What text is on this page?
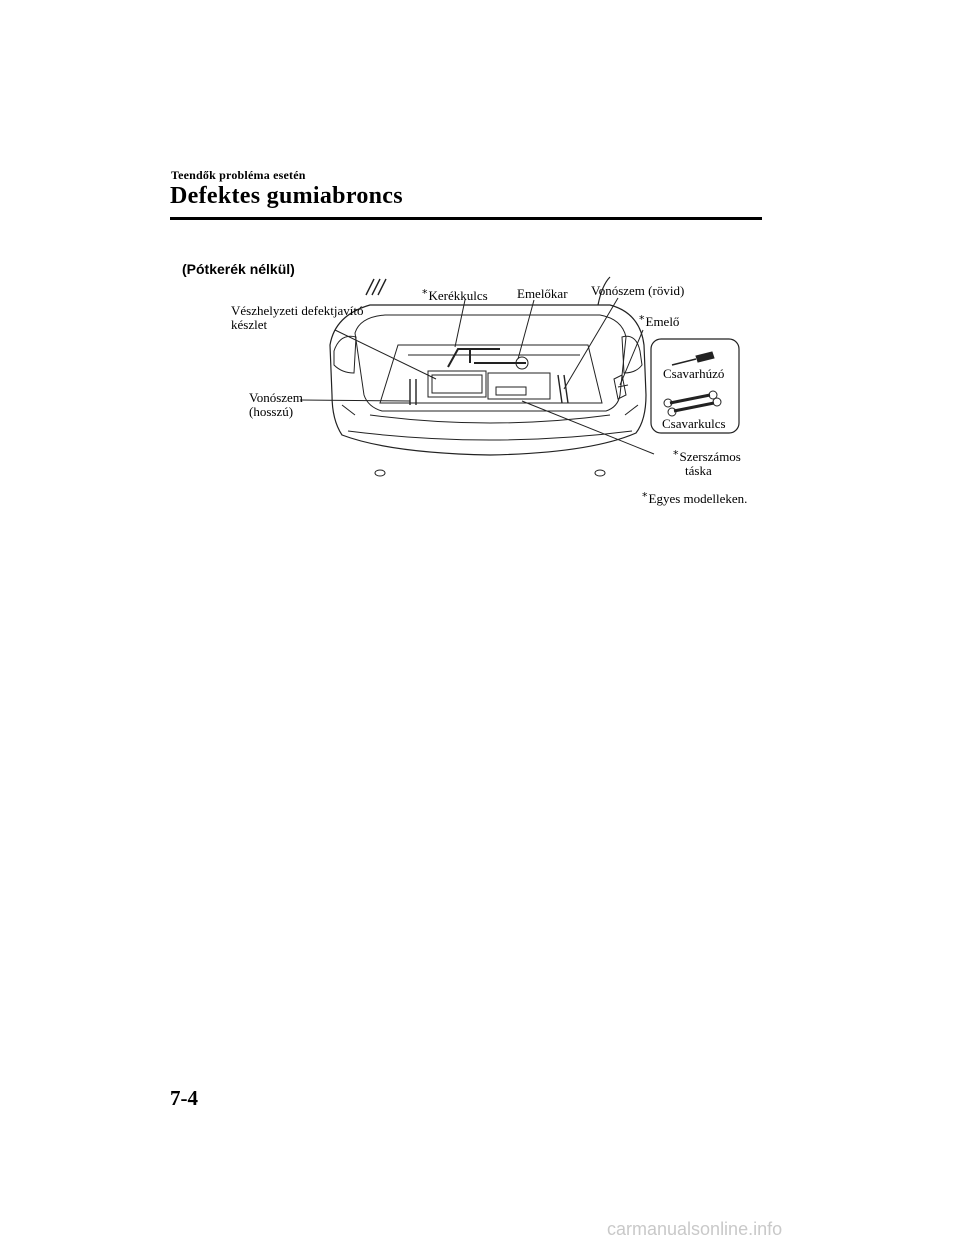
Teendők probléma esetén
Defektes gumiabroncs
(Pótkerék nélkül)
Vészhelyzeti defektjavító
készlet
*Kerékkulcs Emelőkar Vonószem (rövid)
*Emelő
Csavarhúzó
Csavarkulcs
Vonószem
(hosszú)
*Szerszámos
táska
*Egyes modelleken.
7-4
carmanualsonline.info
